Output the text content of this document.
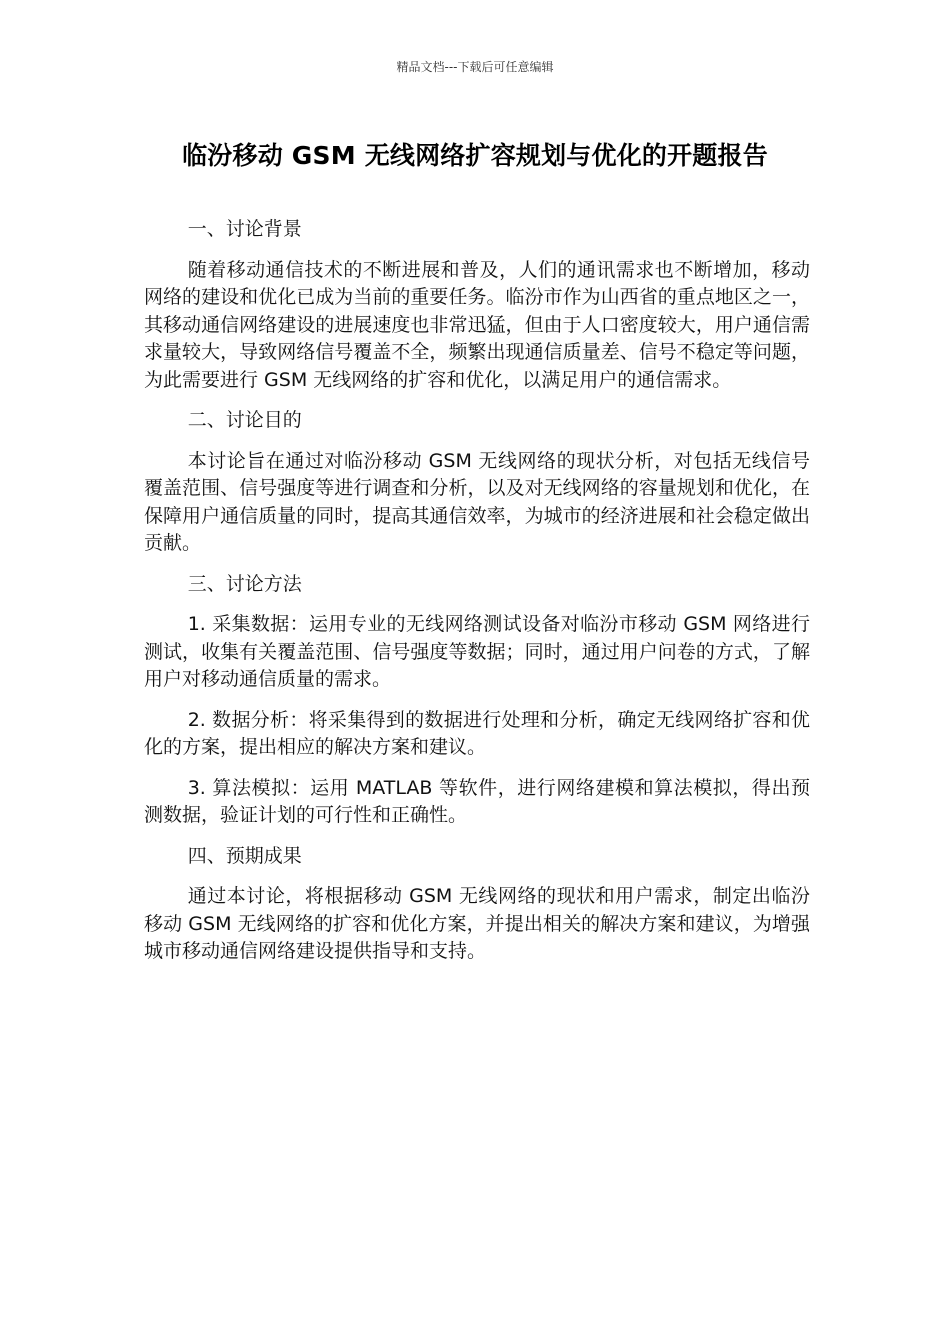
精品文档---下载后可任意编辑
临汾移动 GSM 无线网络扩容规划与优化的开题报告

一、讨论背景

随着移动通信技术的不断进展和普及，人们的通讯需求也不断增加，移动网络的建设和优化已成为当前的重要任务。临汾市作为山西省的重点地区之一，其移动通信网络建设的进展速度也非常迅猛，但由于人口密度较大，用户通信需求量较大，导致网络信号覆盖不全，频繁出现通信质量差、信号不稳定等问题，为此需要进行 GSM 无线网络的扩容和优化，以满足用户的通信需求。

二、讨论目的

本讨论旨在通过对临汾移动 GSM 无线网络的现状分析，对包括无线信号覆盖范围、信号强度等进行调查和分析，以及对无线网络的容量规划和优化，在保障用户通信质量的同时，提高其通信效率，为城市的经济进展和社会稳定做出贡献。

三、讨论方法

1. 采集数据：运用专业的无线网络测试设备对临汾市移动 GSM 网络进行测试，收集有关覆盖范围、信号强度等数据；同时，通过用户问卷的方式，了解用户对移动通信质量的需求。

2. 数据分析：将采集得到的数据进行处理和分析，确定无线网络扩容和优化的方案，提出相应的解决方案和建议。

3. 算法模拟：运用 MATLAB 等软件，进行网络建模和算法模拟，得出预测数据，验证计划的可行性和正确性。

四、预期成果

通过本讨论，将根据移动 GSM 无线网络的现状和用户需求，制定出临汾移动 GSM 无线网络的扩容和优化方案，并提出相关的解决方案和建议，为增强城市移动通信网络建设提供指导和支持。
